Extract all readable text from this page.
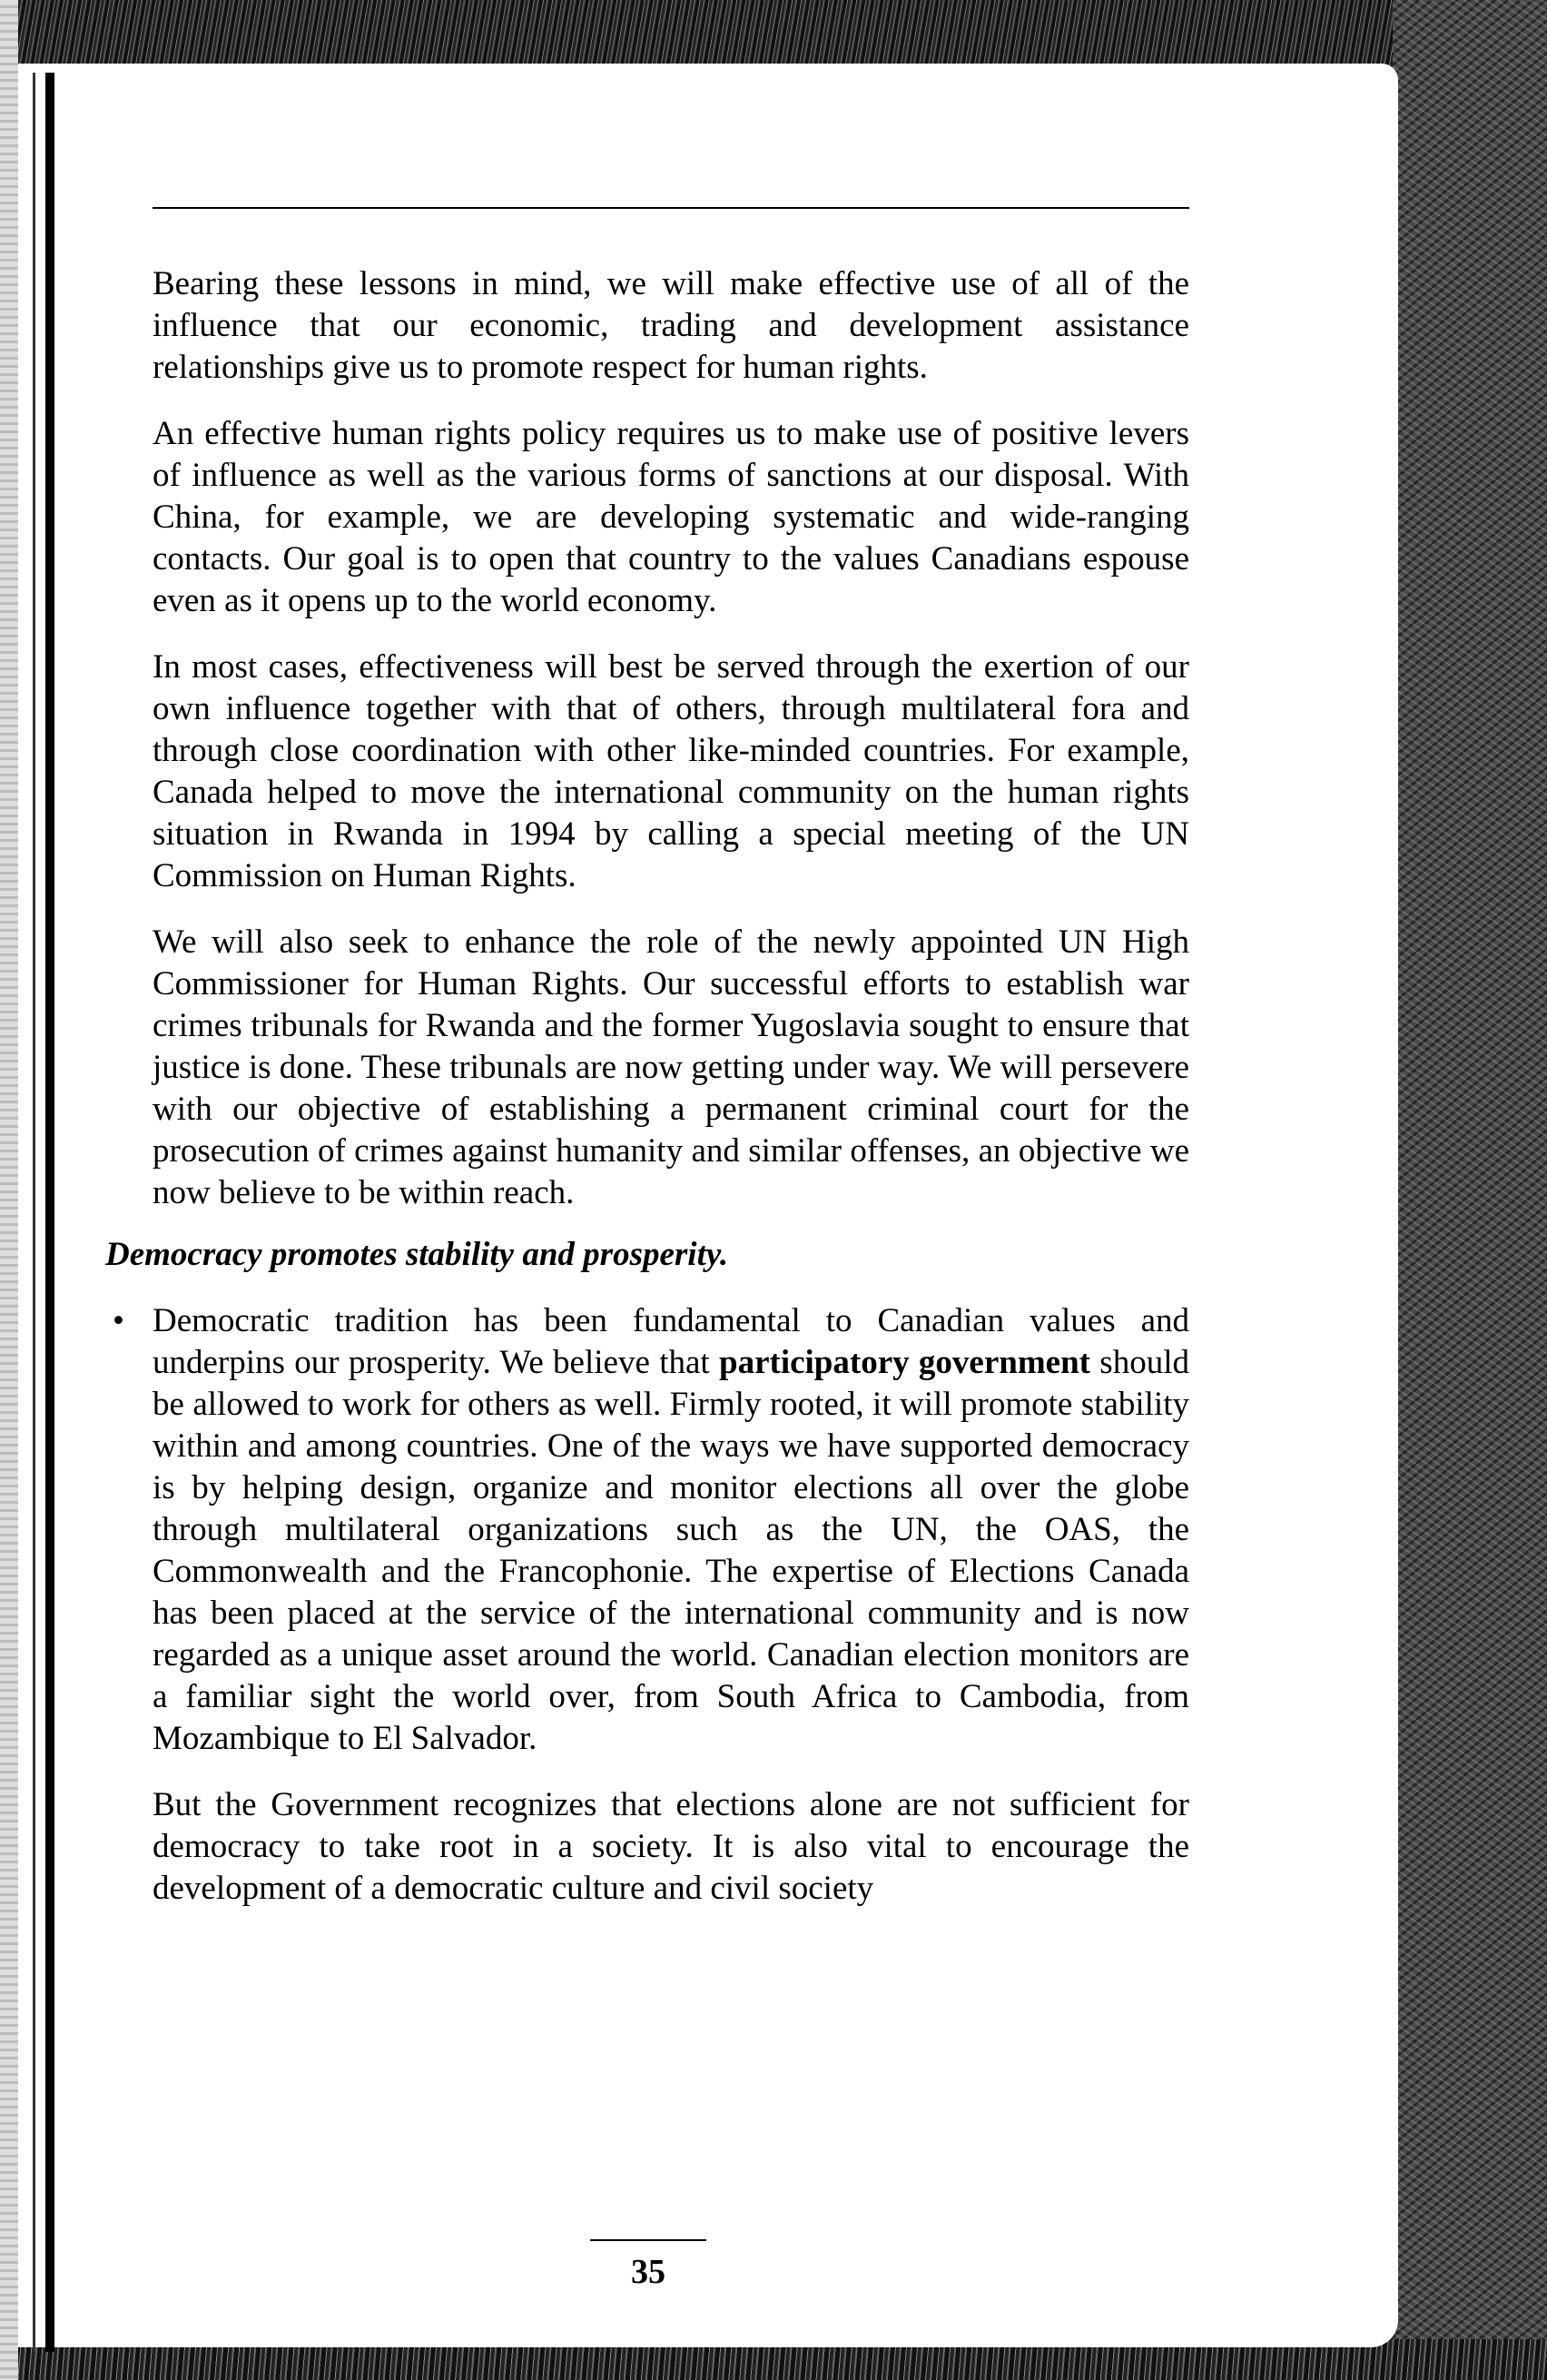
Bearing these lessons in mind, we will make effective use of all of the influence that our economic, trading and development assistance relationships give us to promote respect for human rights.

An effective human rights policy requires us to make use of positive levers of influence as well as the various forms of sanctions at our disposal. With China, for example, we are developing systematic and wide-ranging contacts. Our goal is to open that country to the values Canadians espouse even as it opens up to the world economy.

In most cases, effectiveness will best be served through the exertion of our own influence together with that of others, through multilateral fora and through close coordination with other like-minded countries. For example, Canada helped to move the international community on the human rights situation in Rwanda in 1994 by calling a special meeting of the UN Commission on Human Rights.

We will also seek to enhance the role of the newly appointed UN High Commissioner for Human Rights. Our successful efforts to establish war crimes tribunals for Rwanda and the former Yugoslavia sought to ensure that justice is done. These tribunals are now getting under way. We will persevere with our objective of establishing a permanent criminal court for the prosecution of crimes against humanity and similar offenses, an objective we now believe to be within reach.

Democracy promotes stability and prosperity.

• Democratic tradition has been fundamental to Canadian values and underpins our prosperity. We believe that participatory government should be allowed to work for others as well. Firmly rooted, it will promote stability within and among countries. One of the ways we have supported democracy is by helping design, organize and monitor elections all over the globe through multilateral organizations such as the UN, the OAS, the Commonwealth and the Francophonie. The expertise of Elections Canada has been placed at the service of the international community and is now regarded as a unique asset around the world. Canadian election monitors are a familiar sight the world over, from South Africa to Cambodia, from Mozambique to El Salvador.

But the Government recognizes that elections alone are not sufficient for democracy to take root in a society. It is also vital to encourage the development of a democratic culture and civil society

35
